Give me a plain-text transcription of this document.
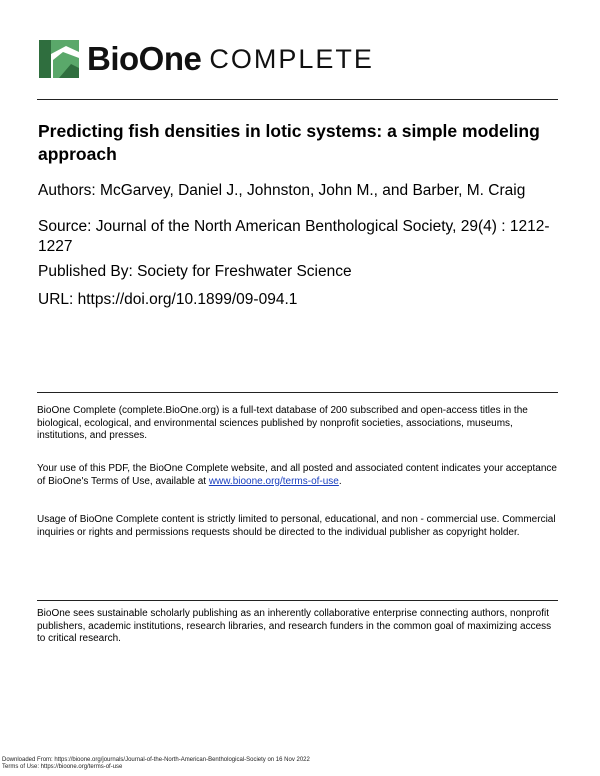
BioOne COMPLETE
Predicting fish densities in lotic systems: a simple modeling approach
Authors: McGarvey, Daniel J., Johnston, John M., and Barber, M. Craig
Source: Journal of the North American Benthological Society, 29(4) : 1212-1227
Published By: Society for Freshwater Science
URL: https://doi.org/10.1899/09-094.1
BioOne Complete (complete.BioOne.org) is a full-text database of 200 subscribed and open-access titles in the biological, ecological, and environmental sciences published by nonprofit societies, associations, museums, institutions, and presses.
Your use of this PDF, the BioOne Complete website, and all posted and associated content indicates your acceptance of BioOne's Terms of Use, available at www.bioone.org/terms-of-use.
Usage of BioOne Complete content is strictly limited to personal, educational, and non - commercial use. Commercial inquiries or rights and permissions requests should be directed to the individual publisher as copyright holder.
BioOne sees sustainable scholarly publishing as an inherently collaborative enterprise connecting authors, nonprofit publishers, academic institutions, research libraries, and research funders in the common goal of maximizing access to critical research.
Downloaded From: https://bioone.org/journals/Journal-of-the-North-American-Benthological-Society on 16 Nov 2022
Terms of Use: https://bioone.org/terms-of-use
